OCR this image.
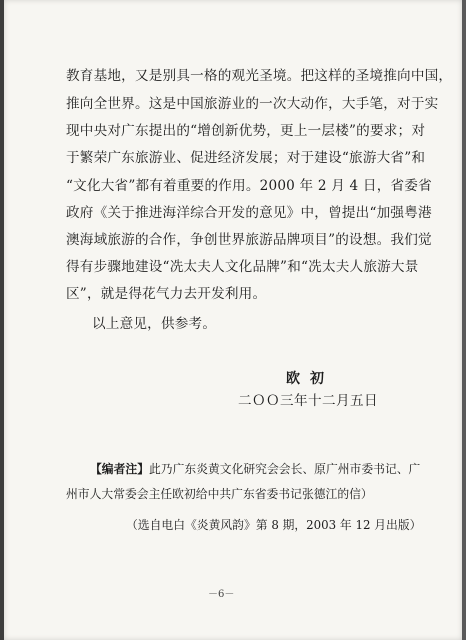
教育基地，又是别具一格的观光圣境。把这样的圣境推向中国，
推向全世界。这是中国旅游业的一次大动作，大手笔，对于实
现中央对广东提出的“增创新优势，更上一层楼”的要求；对
于繁荣广东旅游业、促进经济发展；对于建设“旅游大省”和
“文化大省”都有着重要的作用。2000 年 2 月 4 日，省委省
政府《关于推进海洋综合开发的意见》中，曾提出“加强粤港
澳海域旅游的合作，争创世界旅游品牌项目”的设想。我们觉
得有步骤地建设“冼太夫人文化品牌”和“冼太夫人旅游大景
区”，就是得花气力去开发利用。
以上意见，供参考。
欧初
二ＯＯ三年十二月五日
【编者注】此乃广东炎黄文化研究会会长、原广州市委书记、广
州市人大常委会主任欧初给中共广东省委书记张德江的信）
（选自电白《炎黄风韵》第 8 期，2003 年 12 月出版）
－6－
